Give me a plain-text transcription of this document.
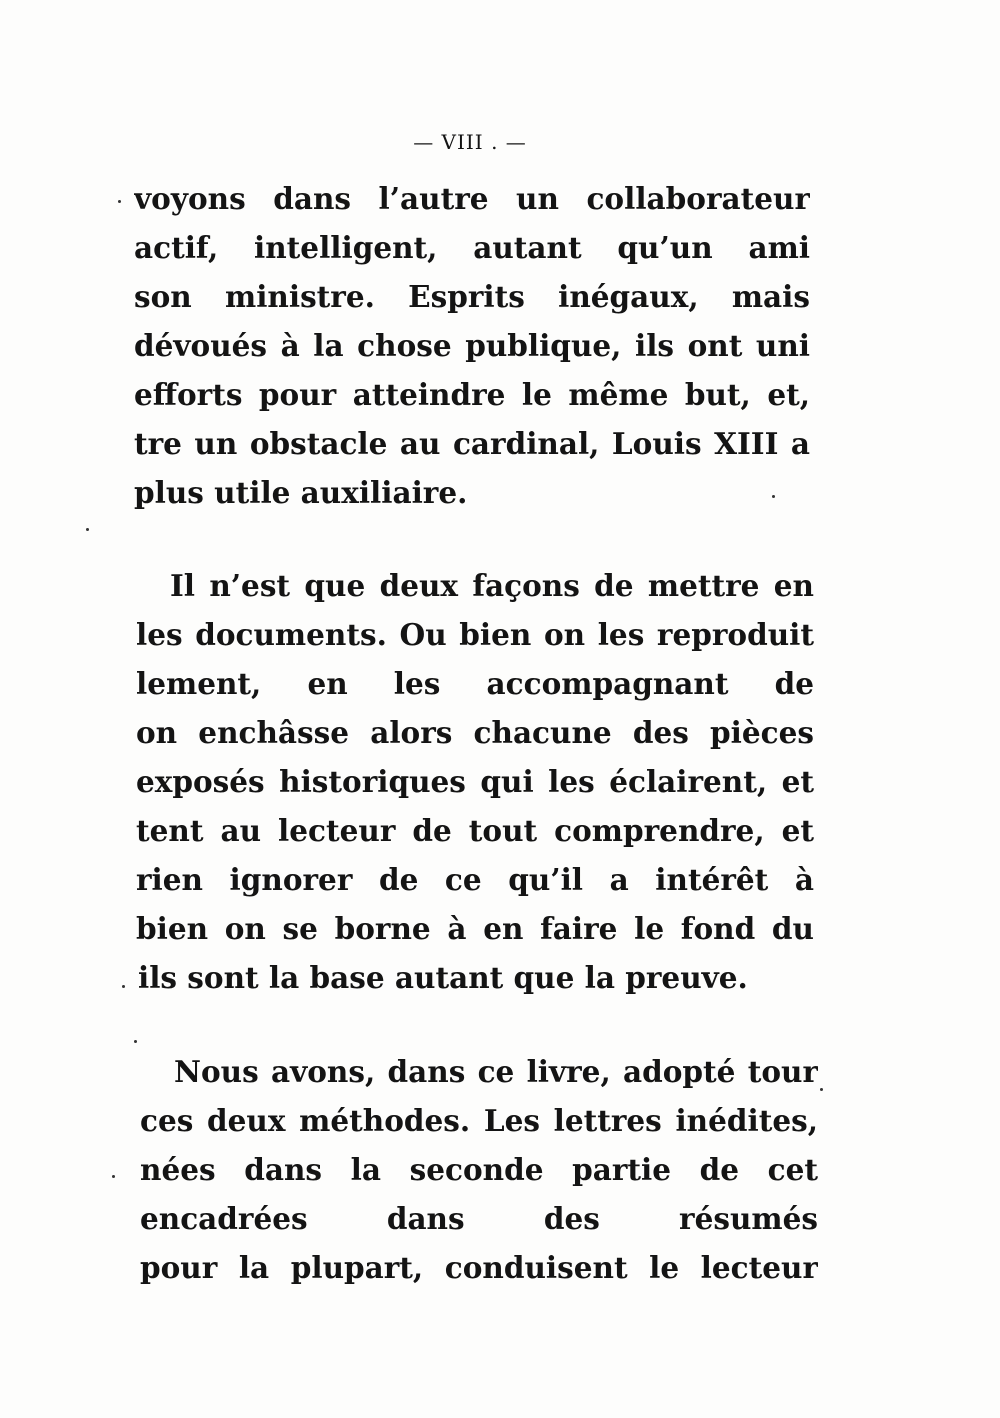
— VIII . —
voyons dans l’autre un collaborateur
actif, intelligent, autant qu’un ami
son ministre. Esprits inégaux, mais
dévoués à la chose publique, ils ont uni
efforts pour atteindre le même but, et,
tre un obstacle au cardinal, Louis XIII a
plus utile auxiliaire.
Il n’est que deux façons de mettre en
les documents. Ou bien on les reproduit
lement, en les accompagnant de
on enchâsse alors chacune des pièces
exposés historiques qui les éclairent, et
tent au lecteur de tout comprendre, et
rien ignorer de ce qu’il a intérêt à
bien on se borne à en faire le fond du
ils sont la base autant que la preuve.
Nous avons, dans ce livre, adopté tour
ces deux méthodes. Les lettres inédites,
nées dans la seconde partie de cet
encadrées dans des résumés
pour la plupart, conduisent le lecteur
